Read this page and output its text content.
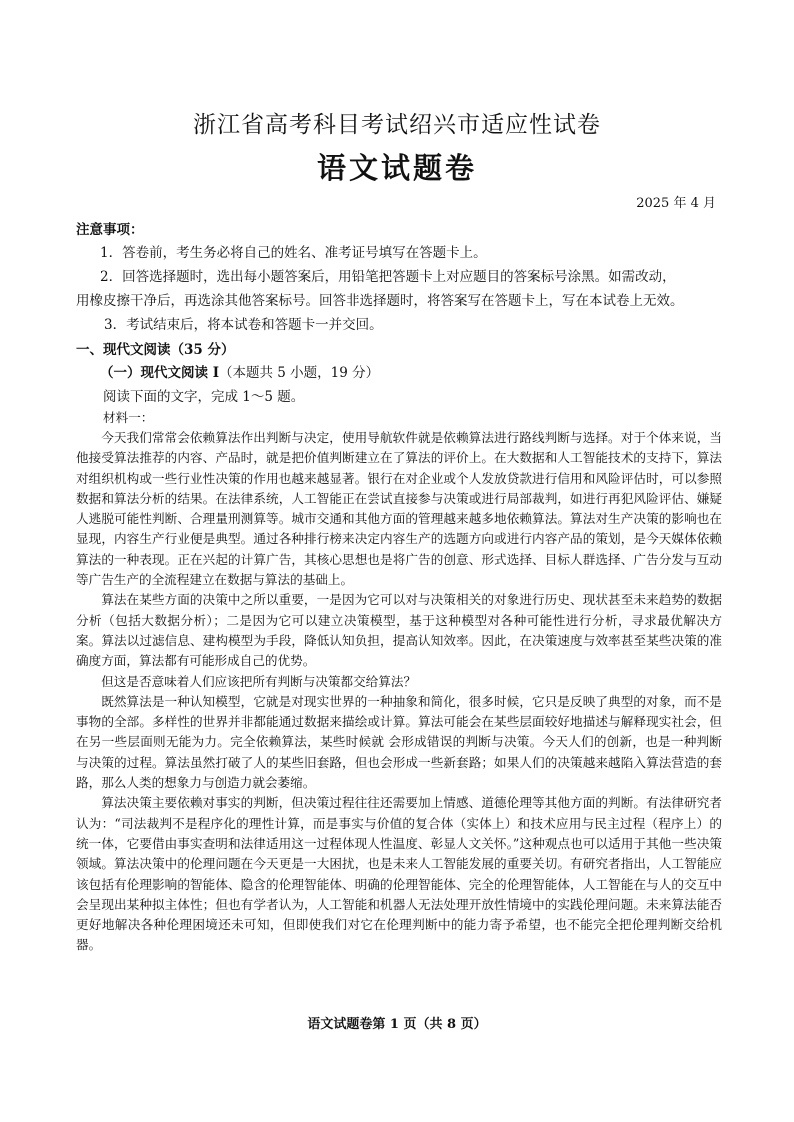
浙江省高考科目考试绍兴市适应性试卷
语文试题卷
2025 年 4 月
注意事项：
1．答卷前，考生务必将自己的姓名、准考证号填写在答题卡上。
2．回答选择题时，选出每小题答案后，用铅笔把答题卡上对应题目的答案标号涂黑。如需改动，
用橡皮擦干净后，再选涂其他答案标号。回答非选择题时，将答案写在答题卡上，写在本试卷上无效。
3．考试结束后，将本试卷和答题卡一并交回。
一、现代文阅读（35 分）
（一）现代文阅读 I（本题共 5 小题，19 分）
阅读下面的文字，完成 1～5 题。
材料一：

今天我们常常会依赖算法作出判断与决定，使用导航软件就是依赖算法进行路线判断与选择。对于个体来说，当他接受算法推荐的内容、产品时，就是把价值判断建立在了算法的评价上。在大数据和人工智能技术的支持下，算法对组织机构或一些行业性决策的作用也越来越显著。银行在对企业或个人发放贷款进行信用和风险评估时，可以参照数据和算法分析的结果。在法律系统，人工智能正在尝试直接参与决策或进行局部裁判，如进行再犯风险评估、嫌疑人逃脱可能性判断、合理量刑测算等。城市交通和其他方面的管理越来越多地依赖算法。算法对生产决策的影响也在显现，内容生产行业便是典型。通过各种排行榜来决定内容生产的选题方向或进行内容产品的策划，是今天媒体依赖算法的一种表现。正在兴起的计算广告，其核心思想也是将广告的创意、形式选择、目标人群选择、广告分发与互动等广告生产的全流程建立在数据与算法的基础上。

算法在某些方面的决策中之所以重要，一是因为它可以对与决策相关的对象进行历史、现状甚至未来趋势的数据分析（包括大数据分析）；二是因为它可以建立决策模型，基于这种模型对各种可能性进行分析，寻求最优解决方案。算法以过滤信息、建构模型为手段，降低认知负担，提高认知效率。因此，在决策速度与效率甚至某些决策的准确度方面，算法都有可能形成自己的优势。

但这是否意味着人们应该把所有判断与决策都交给算法？

既然算法是一种认知模型，它就是对现实世界的一种抽象和简化，很多时候，它只是反映了典型的对象，而不是事物的全部。多样性的世界并非都能通过数据来描绘或计算。算法可能会在某些层面较好地描述与解释现实社会，但在另一些层面则无能为力。完全依赖算法，某些时候就 会形成错误的判断与决策。今天人们的创新，也是一种判断与决策的过程。算法虽然打破了人的某些旧套路，但也会形成一些新套路；如果人们的决策越来越陷入算法营造的套路，那么人类的想象力与创造力就会萎缩。

算法决策主要依赖对事实的判断，但决策过程往往还需要加上情感、道德伦理等其他方面的判断。有法律研究者认为：“司法裁判不是程序化的理性计算，而是事实与价值的复合体（实体上）和技术应用与民主过程（程序上）的统一体，它要借由事实查明和法律适用这一过程体现人性温度、彰显人文关怀。”这种观点也可以适用于其他一些决策领域。算法决策中的伦理问题在今天更是一大困扰，也是未来人工智能发展的重要关切。有研究者指出，人工智能应该包括有伦理影响的智能体、隐含的伦理智能体、明确的伦理智能体、完全的伦理智能体，人工智能在与人的交互中会呈现出某种拟主体性；但也有学者认为，人工智能和机器人无法处理开放性情境中的实践伦理问题。未来算法能否更好地解决各种伦理困境还未可知，但即使我们对它在伦理判断中的能力寄予希望，也不能完全把伦理判断交给机器。

语文试题卷第 1 页（共 8 页）
